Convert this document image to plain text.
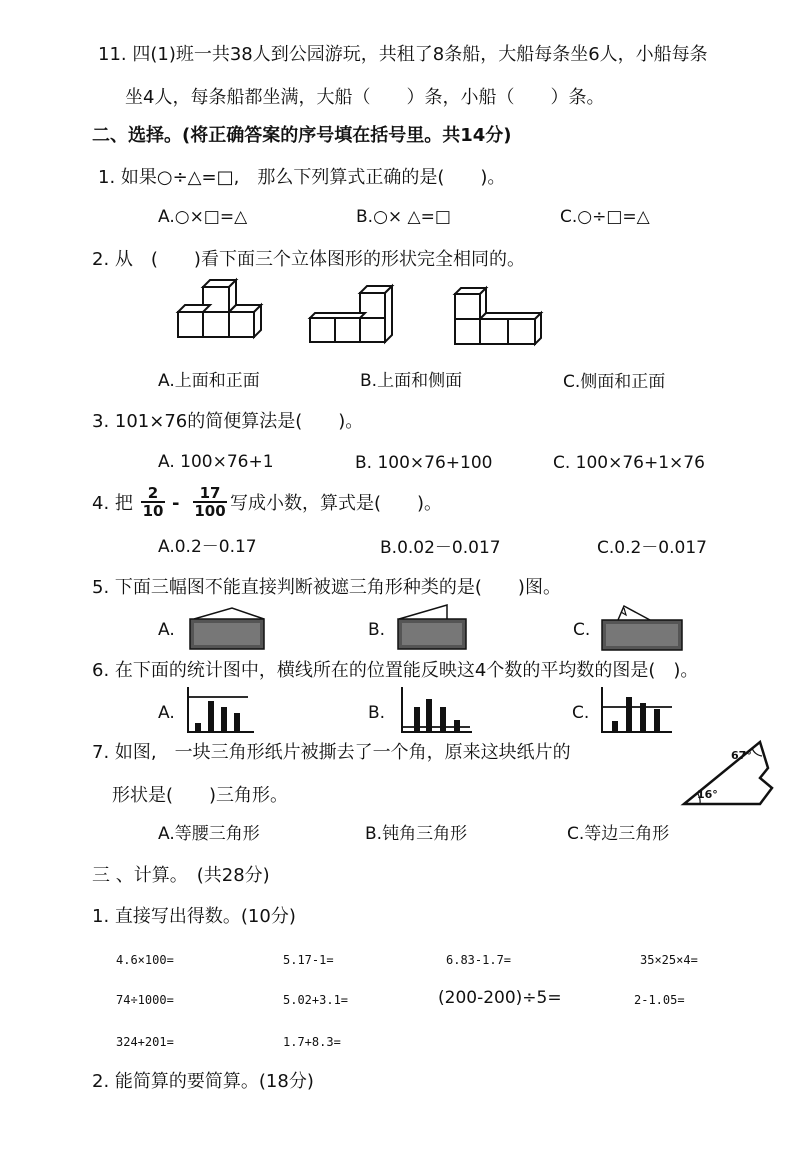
11. 四(1)班一共38人到公园游玩，共租了8条船，大船每条坐6人，小船每条
坐4人，每条船都坐满，大船（　　）条，小船（　　）条。
二、选择。(将正确答案的序号填在括号里。共14分)
1. 如果○÷△=□,　那么下列算式正确的是(　　)。
A.○×□=△	B.○× △=□	C.○÷□=△
2. 从　(　　)看下面三个立体图形的形状完全相同的。
A.上面和正面	B.上面和侧面	C.侧面和正面
3. 101×76的简便算法是(　　)。
A. 100×76+1	B. 100×76+100	C. 100×76+1×76
4. 把 $\frac{2}{10} - \frac{17}{100}$ 写成小数，算式是(　　)。
A.0.2－0.17	B.0.02－0.017	C.0.2－0.017
5. 下面三幅图不能直接判断被遮三角形种类的是(　　)图。
A.	B.	C.
6. 在下面的统计图中，横线所在的位置能反映这4个数的平均数的图是(　)。
A.	B.	C.
7. 如图,　一块三角形纸片被撕去了一个角，原来这块纸片的
形状是(　　)三角形。
67°
16°
A.等腰三角形	B.钝角三角形	C.等边三角形
三 、计算。　(共28分)
1. 直接写出得数。(10分)
4.6×100=	5.17-1=	6.83-1.7=	35×25×4=
74÷1000=	5.02+3.1=	(200-200)÷5=	2-1.05=
324+201=	1.7+8.3=
2. 能简算的要简算。(18分)
